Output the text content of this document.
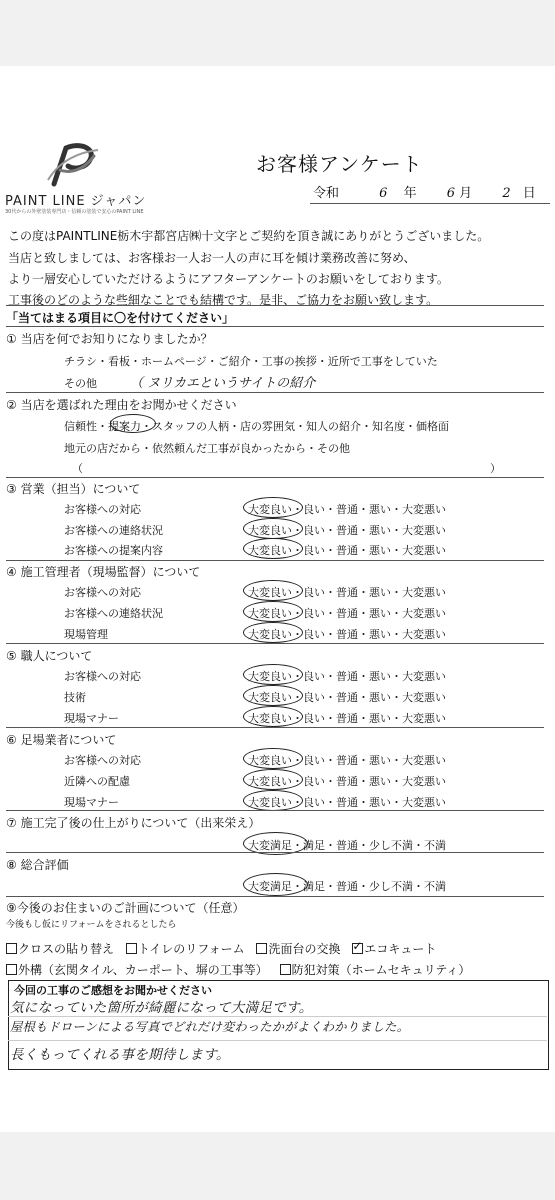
PAINT LINE ジャパン
30代からの外壁塗装専門店・信頼の塗装で安心のPAINT LINE
お客様アンケート
令和	6 年 6 月 2 日
この度はPAINTLINE栃木宇都宮店㈱十文字とご契約を頂き誠にありがとうございました。
当店と致しましては、お客様お一人お一人の声に耳を傾け業務改善に努め、
より一層安心していただけるようにアフターアンケートのお願いをしております。
工事後のどのような些細なことでも結構です。是非、ご協力をお願い致します。
「当てはまる項目に〇を付けてください」
① 当店を何でお知りになりましたか？
チラシ・看板・ホームページ・ご紹介・工事の挨拶・近所で工事をしていた
その他	（ ヌリカエというサイトの紹介
② 当店を選ばれた理由をお聞かせください
信頼性・提案力・スタッフの人柄・店の雰囲気・知人の紹介・知名度・価格面
地元の店だから・依然頼んだ工事が良かったから・その他
（	）
③ 営業（担当）について
お客様への対応	大変良い・良い・普通・悪い・大変悪い
お客様への連絡状況	大変良い・良い・普通・悪い・大変悪い
お客様への提案内容	大変良い・良い・普通・悪い・大変悪い
④ 施工管理者（現場監督）について
お客様への対応	大変良い・良い・普通・悪い・大変悪い
お客様への連絡状況	大変良い・良い・普通・悪い・大変悪い
現場管理	大変良い・良い・普通・悪い・大変悪い
⑤ 職人について
お客様への対応	大変良い・良い・普通・悪い・大変悪い
技術	大変良い・良い・普通・悪い・大変悪い
現場マナー	大変良い・良い・普通・悪い・大変悪い
⑥ 足場業者について
お客様への対応	大変良い・良い・普通・悪い・大変悪い
近隣への配慮	大変良い・良い・普通・悪い・大変悪い
現場マナー	大変良い・良い・普通・悪い・大変悪い
⑦ 施工完了後の仕上がりについて（出来栄え）
大変満足・満足・普通・少し不満・不満
⑧ 総合評価
大変満足・満足・普通・少し不満・不満
⑨今後のお住まいのご計画について（任意）
今後もし仮にリフォームをされるとしたら
クロスの貼り替え トイレのリフォーム 洗面台の交換 ✓ エコキュート
外構（玄関タイル、カーポート、塀の工事等） 防犯対策（ホームセキュリティ）
今回の工事のご感想をお聞かせください
気になっていた箇所が綺麗になって大満足です。
屋根もドローンによる写真でどれだけ変わったかがよくわかりました。
長くもってくれる事を期待します。
